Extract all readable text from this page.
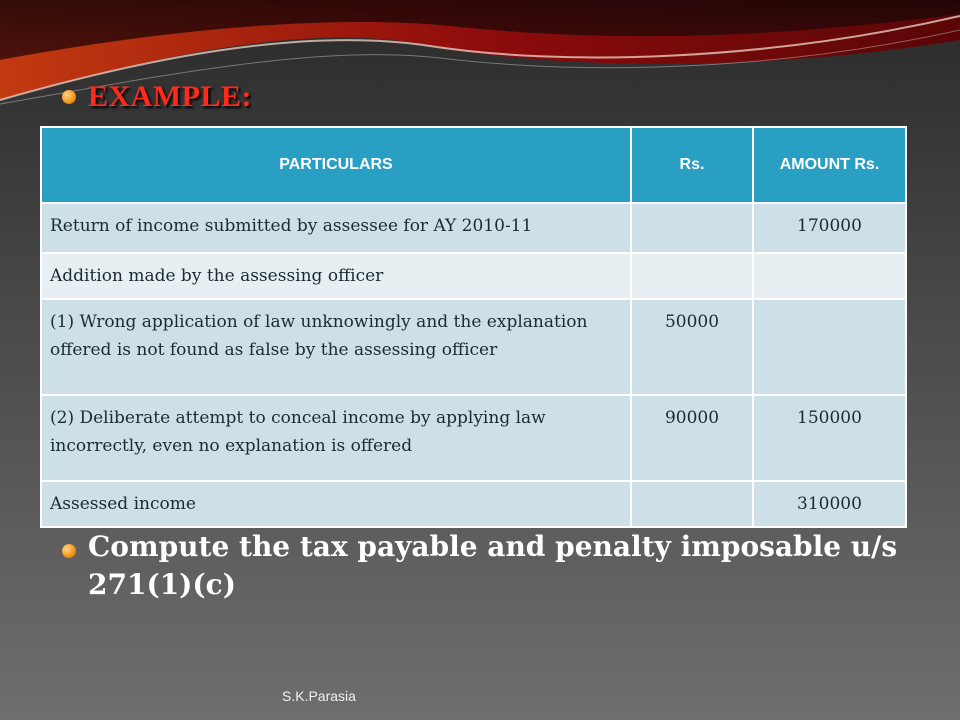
EXAMPLE:
PARTICULARS	Rs.	AMOUNT Rs.
Return of income submitted by assessee for AY 2010-11		170000
Addition made by the assessing officer		
(1) Wrong application of law unknowingly and the explanation offered is not found as false by the assessing officer	50000	
(2) Deliberate attempt to conceal income by applying law incorrectly, even no explanation is offered	90000	150000
Assessed income		310000
Compute the tax payable and penalty imposable u/s 271(1)(c)
S.K.Parasia
